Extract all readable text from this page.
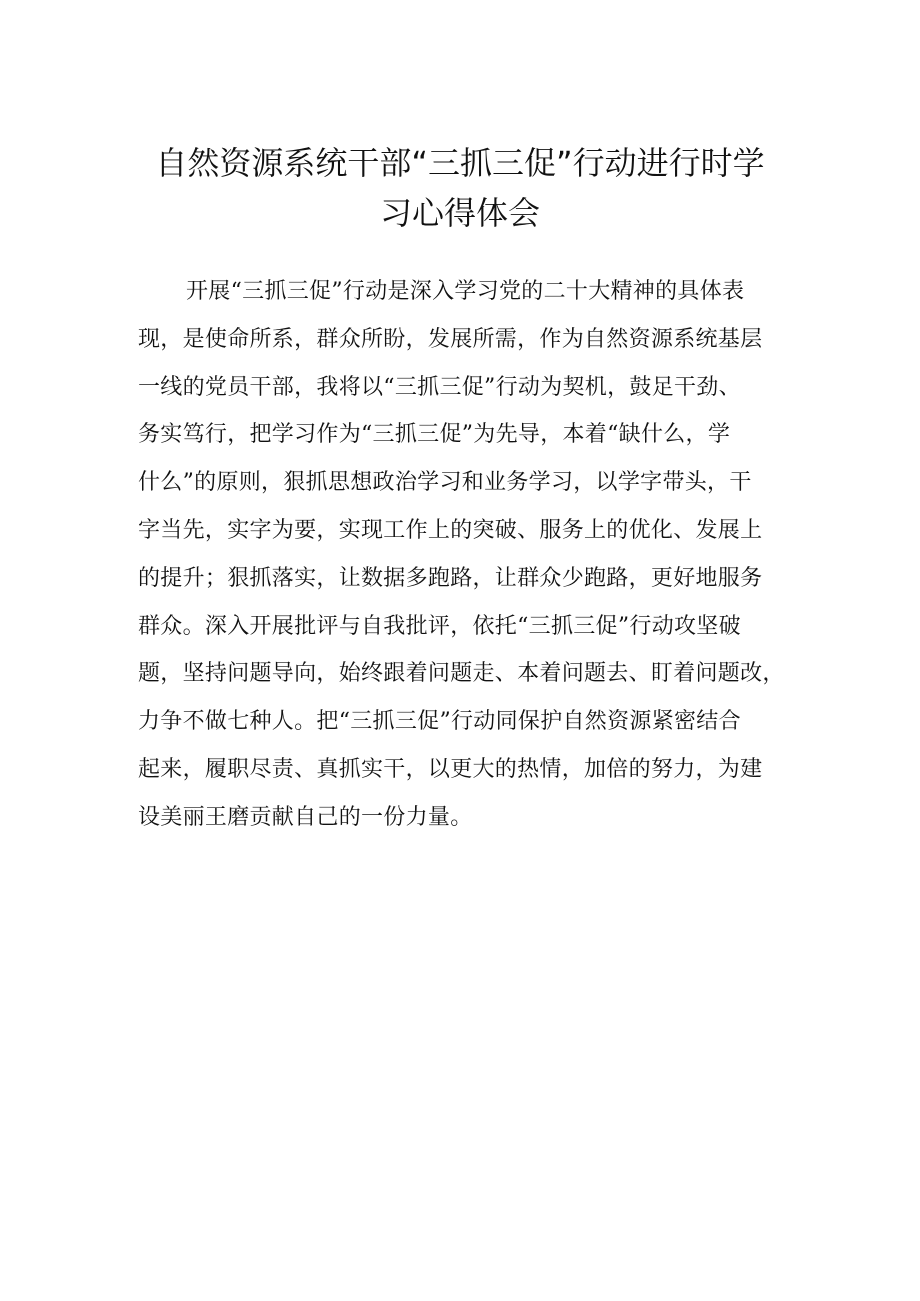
自然资源系统干部“三抓三促”行动进行时学
习心得体会
开展“三抓三促”行动是深入学习党的二十大精神的具体表
现，是使命所系，群众所盼，发展所需，作为自然资源系统基层
一线的党员干部，我将以“三抓三促”行动为契机，鼓足干劲、
务实笃行，把学习作为“三抓三促”为先导，本着“缺什么，学
什么”的原则，狠抓思想政治学习和业务学习，以学字带头，干
字当先，实字为要，实现工作上的突破、服务上的优化、发展上
的提升；狠抓落实，让数据多跑路，让群众少跑路，更好地服务
群众。深入开展批评与自我批评，依托“三抓三促”行动攻坚破
题，坚持问题导向，始终跟着问题走、本着问题去、盯着问题改，
力争不做七种人。把“三抓三促”行动同保护自然资源紧密结合
起来，履职尽责、真抓实干，以更大的热情，加倍的努力，为建
设美丽王磨贡献自己的一份力量。
